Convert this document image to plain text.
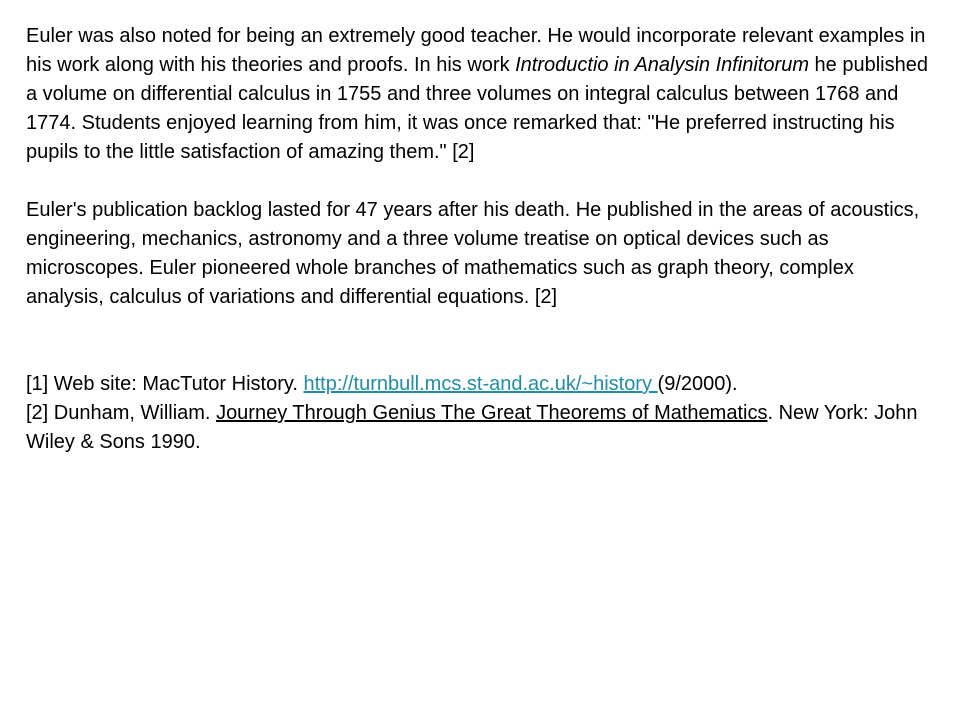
Euler was also noted for being an extremely good teacher. He would incorporate relevant examples in his work along with his theories and proofs. In his work Introductio in Analysin Infinitorum he published a volume on differential calculus in 1755 and three volumes on integral calculus between 1768 and 1774. Students enjoyed learning from him, it was once remarked that: "He preferred instructing his pupils to the little satisfaction of amazing them." [2]

Euler's publication backlog lasted for 47 years after his death. He published in the areas of acoustics, engineering, mechanics, astronomy and a three volume treatise on optical devices such as microscopes. Euler pioneered whole branches of mathematics such as graph theory, complex analysis, calculus of variations and differential equations. [2]

[1] Web site: MacTutor History. http://turnbull.mcs.st-and.ac.uk/~history (9/2000).

[2] Dunham, William. Journey Through Genius The Great Theorems of Mathematics. New York: John Wiley & Sons 1990.
